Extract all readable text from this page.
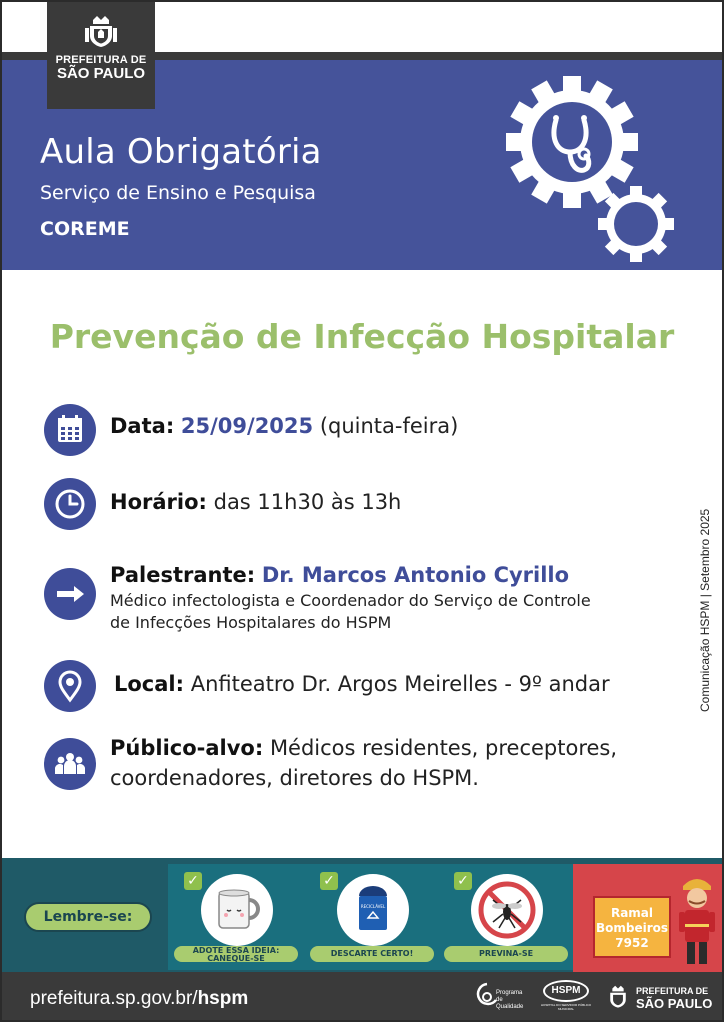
PREFEITURA DE
SÃO PAULO
Aula Obrigatória
Serviço de Ensino e Pesquisa
COREME
Prevenção de Infecção Hospitalar
Data: 25/09/2025 (quinta-feira)
Horário: das 11h30 às 13h
Palestrante: Dr. Marcos Antonio Cyrillo
Médico infectologista e Coordenador do Serviço de Controle
de Infecções Hospitalares do HSPM
Local: Anfiteatro Dr. Argos Meirelles - 9º andar
Público-alvo: Médicos residentes, preceptores,
coordenadores, diretores do HSPM.
Comunicação HSPM | Setembro 2025
Lembre-se:
✓
ADOTE ESSA IDEIA:
CANEQUE-SE
✓
RECICLÁVEL
DESCARTE CERTO!
✓
PREVINA-SE
Ramal
Bombeiros
7952
prefeitura.sp.gov.br/hspm	Programa de Qualidade
HSPM
HOSPITAL DO SERVIDOR PÚBLICO MUNICIPAL
PREFEITURA DE
SÃO PAULO
